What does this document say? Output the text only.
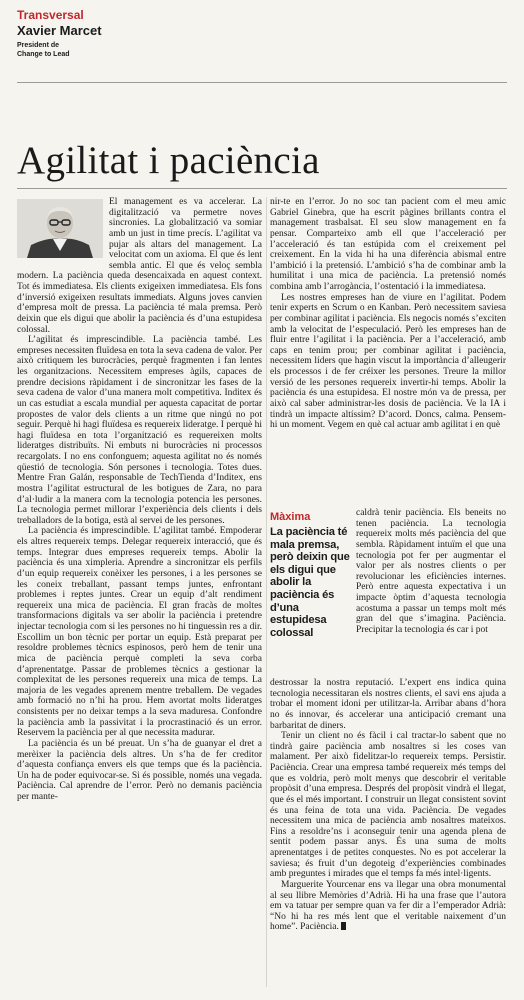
Transversal
Xavier Marcet
President de
Change to Lead
Agilitat i paciència

El management es va accelerar. La digitalització va permetre noves sincronies. La globalització va somiar amb un just in time precís. L’agilitat va pujar als altars del management. La velocitat com un axioma. El que és lent sembla antic. El que és veloç sembla modern. La paciència queda desencaixada en aquest context. Tot és immediatesa. Els clients exigeixen immediatesa. Els fons d’inversió exigeixen resultats immediats. Alguns joves canvien d’empresa molt de pressa. La paciència té mala premsa. Però deixin que els digui que abolir la paciència és d’una estupidesa colossal.

L’agilitat és imprescindible. La paciència també. Les empreses necessiten fluïdesa en tota la seva cadena de valor. Per això critiquem les burocràcies, perquè fragmenten i fan lentes les organitzacions. Necessitem empreses àgils, capaces de prendre decisions ràpidament i de sincronitzar les fases de la seva cadena de valor d’una manera molt competitiva. Inditex és un cas estudiat a escala mundial per aquesta capacitat de portar propostes de valor dels clients a un ritme que ningú no pot seguir. Perquè hi hagi fluïdesa es requereix lideratge. I perquè hi hagi fluïdesa en tota l’organització es requereixen molts lideratges distribuïts. Ni embuts ni burocràcies ni processos recargolats. I no ens confonguem; aquesta agilitat no és només qüestió de tecnologia. Són persones i tecnologia. Totes dues. Mentre Fran Galán, responsable de TechTienda d’Inditex, ens mostra l’agilitat estructural de les botigues de Zara, no para d’al·ludir a la manera com la tecnologia potencia les persones. La tecnologia permet millorar l’experiència dels clients i dels treballadors de la botiga, està al servei de les persones.

La paciència és imprescindible. L’agilitat també. Empoderar els altres requereix temps. Delegar requereix interacció, que és temps. Integrar dues empreses requereix temps. Abolir la paciència és una ximpleria. Aprendre a sincronitzar els perfils d’un equip requereix conèixer les persones, i a les persones se les coneix treballant, passant temps juntes, enfrontant problemes i reptes juntes. Crear un equip d’alt rendiment requereix una mica de paciència. El gran fracàs de moltes transformacions digitals va ser abolir la paciència i pretendre injectar tecnologia com si les persones no hi tinguessin res a dir. Escollim un bon tècnic per portar un equip. Està preparat per resoldre problemes tècnics espinosos, però hem de tenir una mica de paciència perquè completi la seva corba d’aprenentatge. Passar de problemes tècnics a gestionar la complexitat de les persones requereix una mica de temps. La majoria de les vegades aprenem mentre treballem. De vegades amb formació no n’hi ha prou. Hem avortat molts lideratges consistents per no deixar temps a la seva maduresa. Confondre la paciència amb la passivitat i la procrastinació és un error. Reservem la paciència per al que necessita madurar.

La paciència és un bé preuat. Un s’ha de guanyar el dret a merèixer la paciència dels altres. Un s’ha de fer creditor d’aquesta confiança envers els que temps que és la paciència. Un ha de poder equivocar-se. Si és possible, només una vegada. Paciència. Cal aprendre de l’error. Però no demanis paciència per mante-

nir-te en l’error. Jo no soc tan pacient com el meu amic Gabriel Ginebra, que ha escrit pàgines brillants contra el management trasbalsat. El seu slow management en fa pensar. Comparteixo amb ell que l’acceleració per l’acceleració és tan estúpida com el creixement pel creixement. En la vida hi ha una diferència abismal entre l’ambició i la pretensió. L’ambició s’ha de combinar amb la humilitat i una mica de paciència. La pretensió només combina amb l’arrogància, l’ostentació i la immediatesa.

Les nostres empreses han de viure en l’agilitat. Podem tenir experts en Scrum o en Kanban. Però necessitem saviesa per combinar agilitat i paciència. Els negocis només s’exciten amb la velocitat de l’especulació. Però les empreses han de fluir entre l’agilitat i la paciència. Per a l’acceleració, amb caps en tenim prou; per combinar agilitat i paciència, necessitem líders que hagin viscut la importància d’alleugerir els processos i de fer créixer les persones. Treure la millor versió de les persones requereix invertir-hi temps. Abolir la paciència és una estupidesa. El nostre món va de pressa, per això cal saber administrar-les dosis de paciència. Ve la IA i tindrà un impacte altíssim? D’acord. Doncs, calma. Pensem-hi un moment. Vegem en què cal actuar amb agilitat i en què

Màxima
La paciència té mala premsa, però deixin que els digui que abolir la paciència és d’una estupidesa colossal

caldrà tenir paciència. Els beneits no tenen paciència. La tecnologia requereix molts més paciència del que sembla. Ràpidament intuïm el que una tecnologia pot fer per augmentar el valor per als nostres clients o per revolucionar les eficiències internes. Però entre aquesta expectativa i un impacte òptim d’aquesta tecnologia acostuma a passar un temps molt més gran del que s’imagina. Paciència. Precipitar la tecnologia és car i pot

destrossar la nostra reputació. L’expert ens indica quina tecnologia necessitaran els nostres clients, el savi ens ajuda a trobar el moment idoni per utilitzar-la. Arribar abans d’hora no és innovar, és accelerar una anticipació cremant una barbaritat de diners.

Tenir un client no és fàcil i cal tractar-lo sabent que no tindrà gaire paciència amb nosaltres si les coses van malament. Per això fidelitzar-lo requereix temps. Persistir. Paciència. Crear una empresa també requereix més temps del que es voldria, però molt menys que descobrir el veritable propòsit d’una empresa. Després del propòsit vindrà el llegat, que és el més important. I construir un llegat consistent sovint és una feina de tota una vida. Paciència. De vegades necessitem una mica de paciència amb nosaltres mateixos. Fins a resoldre’ns i aconseguir tenir una agenda plena de sentit podem passar anys. És una suma de molts aprenentatges i de petites conquestes. No es pot accelerar la saviesa; és fruit d’un degoteig d’experiències combinades amb preguntes i mirades que el temps fa més intel·ligents.

Marguerite Yourcenar ens va llegar una obra monumental al seu llibre Memòries d’Adrià. Hi ha una frase que l’autora em va tatuar per sempre quan va fer dir a l’emperador Adrià: “No hi ha res més lent que el veritable naixement d’un home”. Paciència.
